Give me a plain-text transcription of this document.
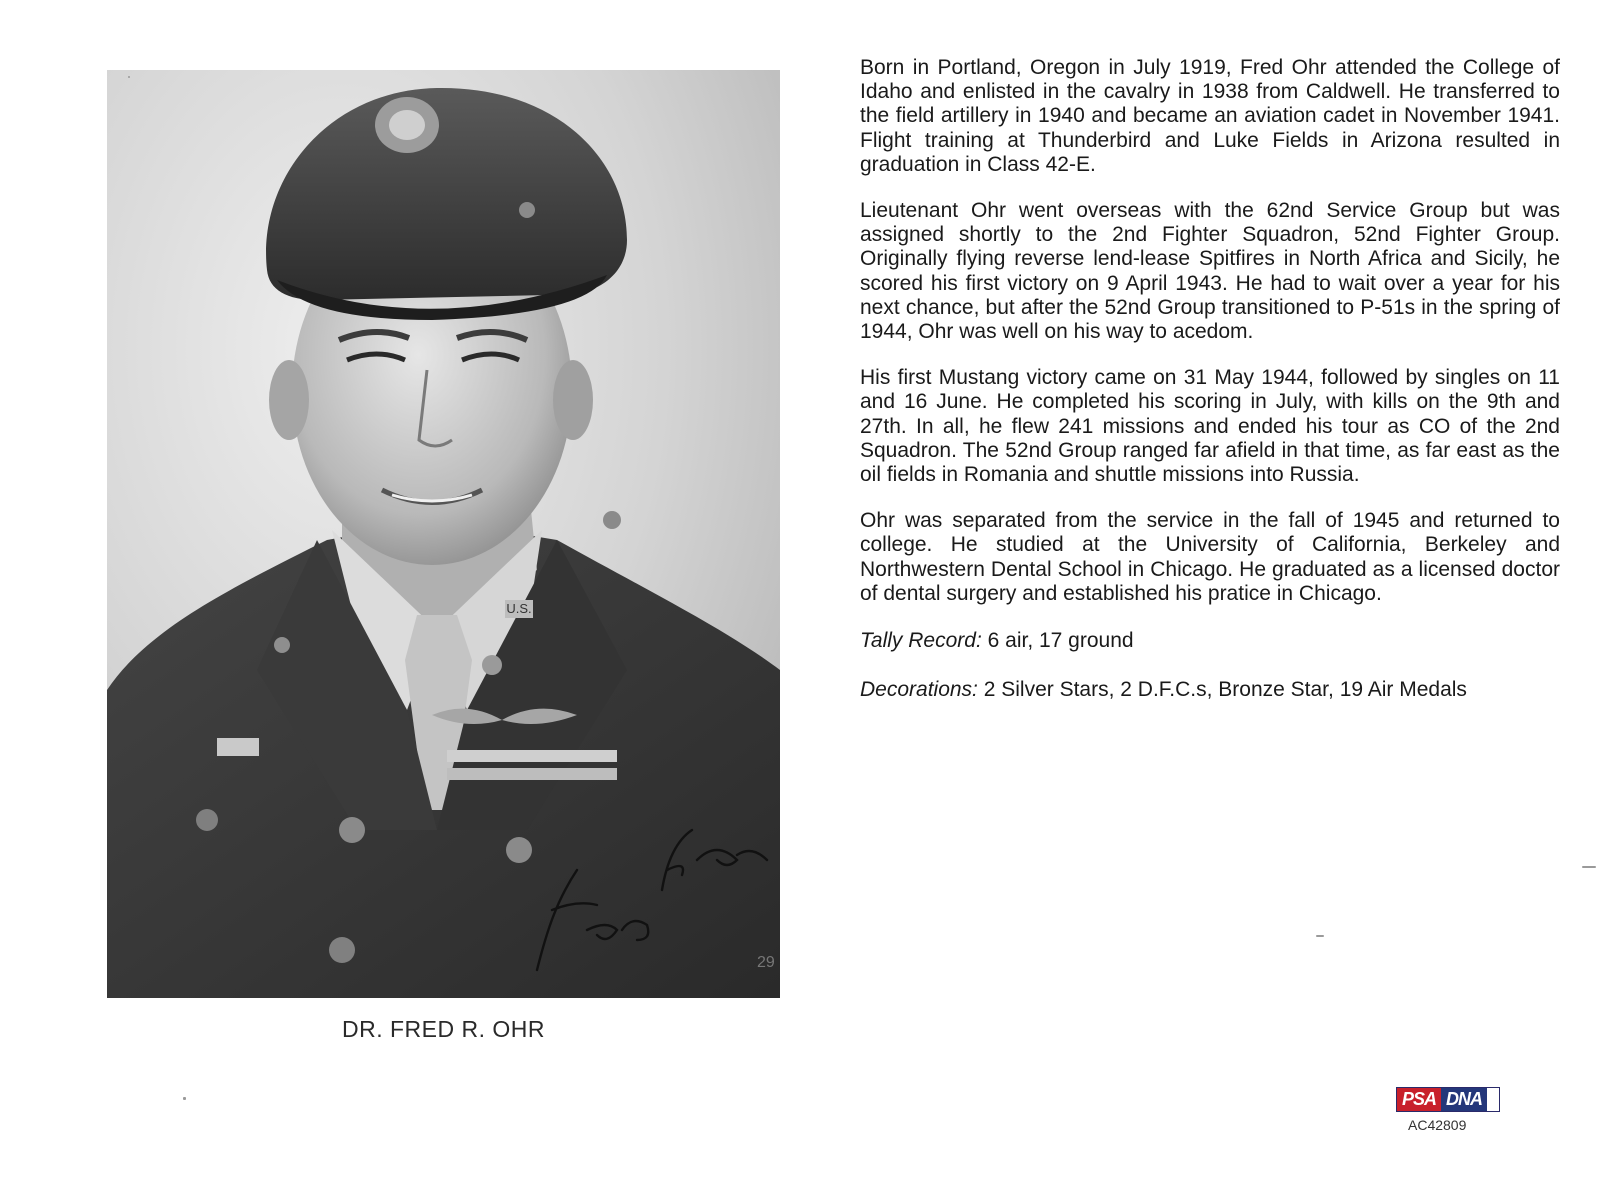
U.S.
29
DR. FRED R. OHR

Born in Portland, Oregon in July 1919, Fred Ohr attended the College of Idaho and enlisted in the cavalry in 1938 from Caldwell. He transferred to the field artillery in 1940 and became an aviation cadet in November 1941. Flight training at Thunderbird and Luke Fields in Arizona resulted in graduation in Class 42-E.

Lieutenant Ohr went overseas with the 62nd Service Group but was assigned shortly to the 2nd Fighter Squadron, 52nd Fighter Group. Originally flying reverse lend-lease Spitfires in North Africa and Sicily, he scored his first victory on 9 April 1943. He had to wait over a year for his next chance, but after the 52nd Group transitioned to P-51s in the spring of 1944, Ohr was well on his way to acedom.

His first Mustang victory came on 31 May 1944, followed by singles on 11 and 16 June. He completed his scoring in July, with kills on the 9th and 27th. In all, he flew 241 missions and ended his tour as CO of the 2nd Squadron. The 52nd Group ranged far afield in that time, as far east as the oil fields in Romania and shuttle missions into Russia.

Ohr was separated from the service in the fall of 1945 and returned to college. He studied at the University of California, Berkeley and Northwestern Dental School in Chicago. He graduated as a licensed doctor of dental surgery and established his pratice in Chicago.

Tally Record: 6 air, 17 ground
Decorations: 2 Silver Stars, 2 D.F.C.s, Bronze Star, 19 Air Medals
PSA DNA
AC42809
